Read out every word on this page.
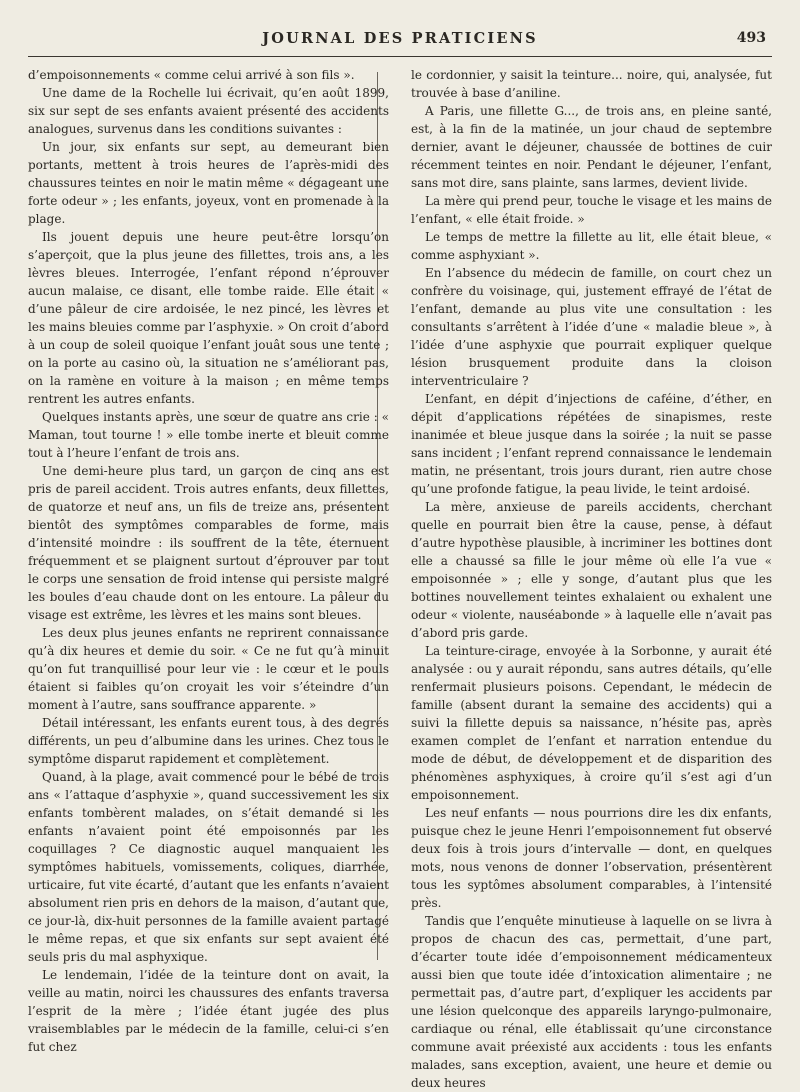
JOURNAL DES PRATICIENS	493

d’empoisonnements « comme celui arrivé à son fils ».

Une dame de la Rochelle lui écrivait, qu’en août 1899, six sur sept de ses enfants avaient présenté des accidents analogues, survenus dans les conditions suivantes :

Un jour, six enfants sur sept, au demeurant bien portants, mettent à trois heures de l’après-midi des chaussures teintes en noir le matin même « dégageant une forte odeur » ; les enfants, joyeux, vont en promenade à la plage.

Ils jouent depuis une heure peut-être lorsqu’on s’aperçoit, que la plus jeune des fillettes, trois ans, a les lèvres bleues. Interrogée, l’enfant répond n’éprouver aucun malaise, ce disant, elle tombe raide. Elle était « d’une pâleur de cire ardoisée, le nez pincé, les lèvres et les mains bleuies comme par l’asphyxie. » On croit d’abord à un coup de soleil quoique l’enfant jouât sous une tente ; on la porte au casino où, la situation ne s’améliorant pas, on la ramène en voiture à la maison ; en même temps rentrent les autres enfants.

Quelques instants après, une sœur de quatre ans crie : « Maman, tout tourne ! » elle tombe inerte et bleuit comme tout à l’heure l’enfant de trois ans.

Une demi-heure plus tard, un garçon de cinq ans est pris de pareil accident. Trois autres enfants, deux fillettes, de quatorze et neuf ans, un fils de treize ans, présentent bientôt des symptômes comparables de forme, mais d’intensité moindre : ils souffrent de la tête, éternuent fréquemment et se plaignent surtout d’éprouver par tout le corps une sensation de froid intense qui persiste malgré les boules d’eau chaude dont on les entoure. La pâleur du visage est extrême, les lèvres et les mains sont bleues.

Les deux plus jeunes enfants ne reprirent connaissance qu’à dix heures et demie du soir. « Ce ne fut qu’à minuit qu’on fut tranquillisé pour leur vie : le cœur et le pouls étaient si faibles qu’on croyait les voir s’éteindre d’un moment à l’autre, sans souffrance apparente. »

Détail intéressant, les enfants eurent tous, à des degrés différents, un peu d’albumine dans les urines. Chez tous le symptôme disparut rapidement et complètement.

Quand, à la plage, avait commencé pour le bébé de trois ans « l’attaque d’asphyxie », quand successivement les six enfants tombèrent malades, on s’était demandé si les enfants n’avaient point été empoisonnés par les coquillages ? Ce diagnostic auquel manquaient les symptômes habituels, vomissements, coliques, diarrhée, urticaire, fut vite écarté, d’autant que les enfants n’avaient absolument rien pris en dehors de la maison, d’autant que, ce jour-là, dix-huit personnes de la famille avaient partagé le même repas, et que six enfants sur sept avaient été seuls pris du mal asphyxique.

Le lendemain, l’idée de la teinture dont on avait, la veille au matin, noirci les chaussures des enfants traversa l’esprit de la mère ; l’idée étant jugée des plus vraisemblables par le médecin de la famille, celui-ci s’en fut chez

le cordonnier, y saisit la teinture... noire, qui, analysée, fut trouvée à base d’aniline.

A Paris, une fillette G..., de trois ans, en pleine santé, est, à la fin de la matinée, un jour chaud de septembre dernier, avant le déjeuner, chaussée de bottines de cuir récemment teintes en noir. Pendant le déjeuner, l’enfant, sans mot dire, sans plainte, sans larmes, devient livide.

La mère qui prend peur, touche le visage et les mains de l’enfant, « elle était froide. »

Le temps de mettre la fillette au lit, elle était bleue, « comme asphyxiant ».

En l’absence du médecin de famille, on court chez un confrère du voisinage, qui, justement effrayé de l’état de l’enfant, demande au plus vite une consultation : les consultants s’arrêtent à l’idée d’une « maladie bleue », à l’idée d’une asphyxie que pourrait expliquer quelque lésion brusquement produite dans la cloison interventriculaire ?

L’enfant, en dépit d’injections de caféine, d’éther, en dépit d’applications répétées de sinapismes, reste inanimée et bleue jusque dans la soirée ; la nuit se passe sans incident ; l’enfant reprend connaissance le lendemain matin, ne présentant, trois jours durant, rien autre chose qu’une profonde fatigue, la peau livide, le teint ardoisé.

La mère, anxieuse de pareils accidents, cherchant quelle en pourrait bien être la cause, pense, à défaut d’autre hypothèse plausible, à incriminer les bottines dont elle a chaussé sa fille le jour même où elle l’a vue « empoisonnée » ; elle y songe, d’autant plus que les bottines nouvellement teintes exhalaient ou exhalent une odeur « violente, nauséabonde » à laquelle elle n’avait pas d’abord pris garde.

La teinture-cirage, envoyée à la Sorbonne, y aurait été analysée : ou y aurait répondu, sans autres détails, qu’elle renfermait plusieurs poisons. Cependant, le médecin de famille (absent durant la semaine des accidents) qui a suivi la fillette depuis sa naissance, n’hésite pas, après examen complet de l’enfant et narration entendue du mode de début, de développement et de disparition des phénomènes asphyxiques, à croire qu’il s’est agi d’un empoisonnement.

Les neuf enfants — nous pourrions dire les dix enfants, puisque chez le jeune Henri l’empoisonnement fut observé deux fois à trois jours d’intervalle — dont, en quelques mots, nous venons de donner l’observation, présentèrent tous les syptômes absolument comparables, à l’intensité près.

Tandis que l’enquête minutieuse à laquelle on se livra à propos de chacun des cas, permettait, d’une part, d’écarter toute idée d’empoisonnement médicamenteux aussi bien que toute idée d’intoxication alimentaire ; ne permettait pas, d’autre part, d’expliquer les accidents par une lésion quelconque des appareils laryngo-pulmonaire, cardiaque ou rénal, elle établissait qu’une circonstance commune avait préexisté aux accidents : tous les enfants malades, sans exception, avaient, une heure et demie ou deux heures
